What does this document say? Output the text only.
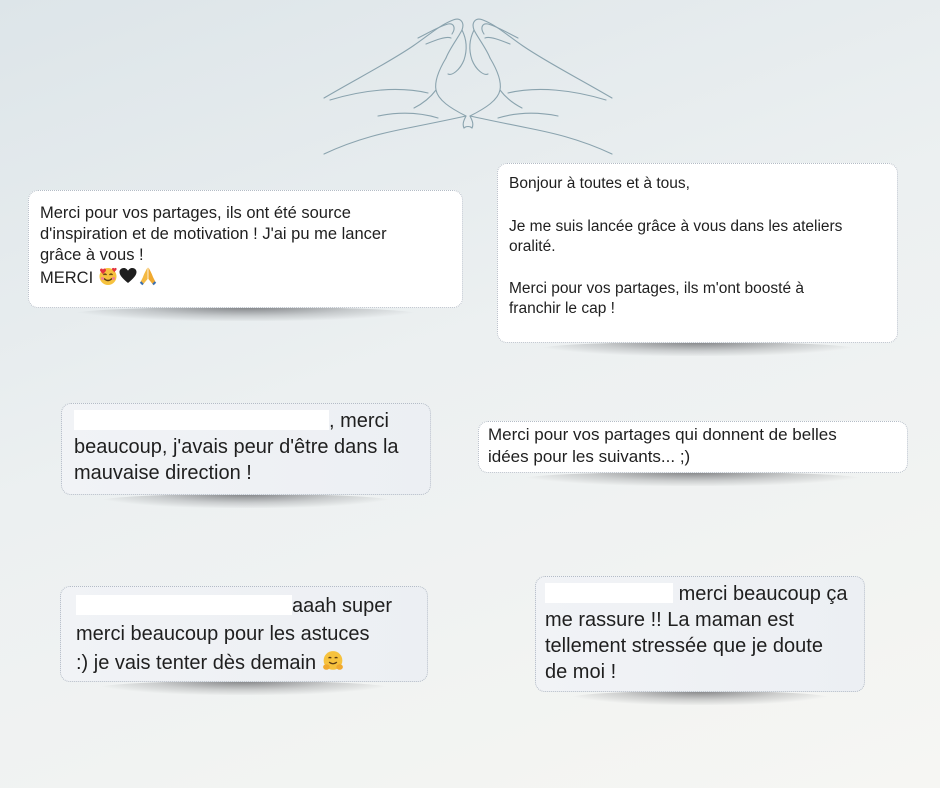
Merci pour vos partages, ils ont été source
d'inspiration et de motivation ! J'ai pu me lancer
grâce à vous !
MERCI
Bonjour à toutes et à tous,
Je me suis lancée grâce à vous dans les ateliers
oralité.
Merci pour vos partages, ils m'ont boosté à
franchir le cap !
, merci
beaucoup, j'avais peur d'être dans la
mauvaise direction !
Merci pour vos partages qui donnent de belles
idées pour les suivants... ;)
aaah super
merci beaucoup pour les astuces
:) je vais tenter dès demain
merci beaucoup ça
me rassure !! La maman est
tellement stressée que je doute
de moi !
